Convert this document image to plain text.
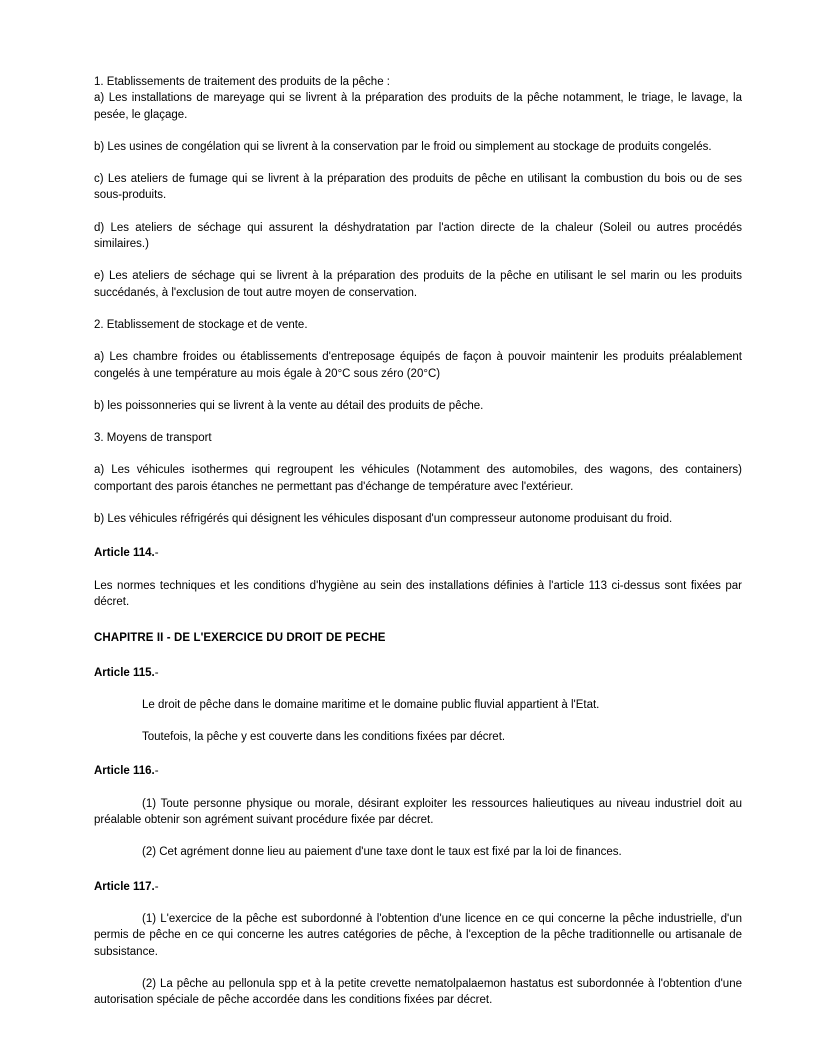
1. Etablissements de traitement des produits de la pêche :
a) Les installations de mareyage qui se livrent à la préparation des produits de la pêche notamment, le triage, le lavage, la pesée, le glaçage.
b) Les usines de congélation qui se livrent à la conservation par le froid ou simplement au stockage de produits congelés.
c) Les ateliers de fumage qui se livrent à la préparation des produits de pêche en utilisant la combustion du bois ou de ses sous-produits.
d) Les ateliers de séchage qui assurent la déshydratation par l'action directe de la chaleur (Soleil ou autres procédés similaires.)
e) Les ateliers de séchage qui se livrent à la préparation des produits de la pêche en utilisant le sel marin ou les produits succédanés, à l'exclusion de tout autre moyen de conservation.
2. Etablissement de stockage et de vente.
a) Les chambre froides ou établissements d'entreposage équipés de façon à pouvoir maintenir les produits préalablement congelés à une température au mois égale à 20°C sous zéro (20°C)
b) les poissonneries qui se livrent à la vente au détail des produits de pêche.
3. Moyens de transport
a) Les véhicules isothermes qui regroupent les véhicules (Notamment des automobiles, des wagons, des containers) comportant des parois étanches ne permettant pas d'échange de température avec l'extérieur.
b) Les véhicules réfrigérés qui désignent les véhicules disposant d'un compresseur autonome produisant du froid.
Article 114.-
Les normes techniques et les conditions d'hygiène au sein des installations définies à l'article 113 ci-dessus sont fixées par décret.
CHAPITRE II - DE L'EXERCICE DU DROIT DE PECHE
Article 115.-
Le droit de pêche dans le domaine maritime et le domaine public fluvial appartient à l'Etat.
Toutefois, la pêche y est couverte dans les conditions fixées par décret.
Article 116.-
(1) Toute personne physique ou morale, désirant exploiter les ressources halieutiques au niveau industriel doit au préalable obtenir son agrément suivant procédure fixée par décret.
(2) Cet agrément donne lieu au paiement d'une taxe dont le taux est fixé par la loi de finances.
Article 117.-
(1) L'exercice de la pêche est subordonné à l'obtention d'une licence en ce qui concerne la pêche industrielle, d'un permis de pêche en ce qui concerne les autres catégories de pêche, à l'exception de la pêche traditionnelle ou artisanale de subsistance.
(2) La pêche au pellonula spp et à la petite crevette nematolpalaemon hastatus est subordonnée à l'obtention d'une autorisation spéciale de pêche accordée dans les conditions fixées par décret.
